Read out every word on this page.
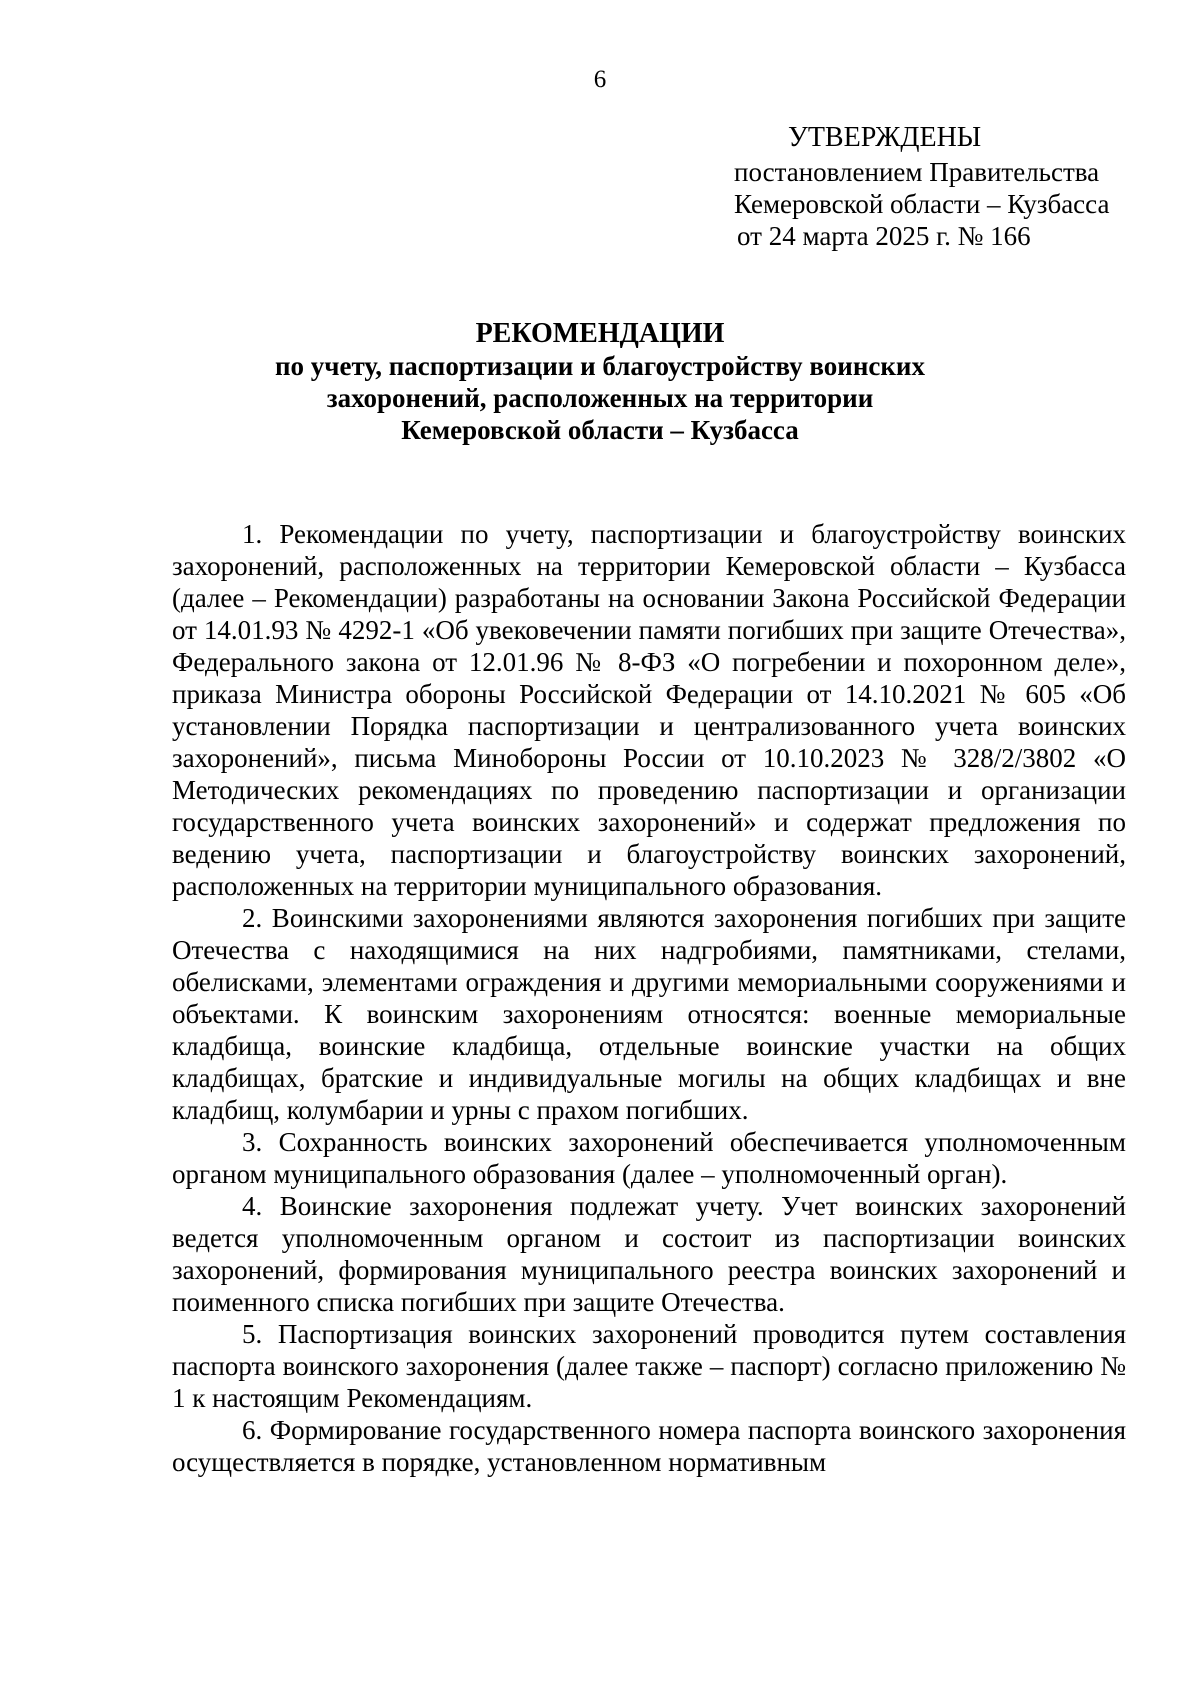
6
УТВЕРЖДЕНЫ
постановлением Правительства
Кемеровской области – Кузбасса
от 24 марта 2025 г. № 166
РЕКОМЕНДАЦИИ
по учету, паспортизации и благоустройству воинских
захоронений, расположенных на территории
Кемеровской области – Кузбасса

1. Рекомендации по учету, паспортизации и благоустройству воинских захоронений, расположенных на территории Кемеровской области – Кузбасса (далее – Рекомендации) разработаны на основании Закона Российской Федерации от 14.01.93 № 4292-1 «Об увековечении памяти погибших при защите Отечества», Федерального закона от 12.01.96 № 8-ФЗ «О погребении и похоронном деле», приказа Министра обороны Российской Федерации от 14.10.2021 № 605 «Об установлении Порядка паспортизации и централизованного учета воинских захоронений», письма Минобороны России от 10.10.2023 № 328/2/3802 «О Методических рекомендациях по проведению паспортизации и организации государственного учета воинских захоронений» и содержат предложения по ведению учета, паспортизации и благоустройству воинских захоронений, расположенных на территории муниципального образования.

2. Воинскими захоронениями являются захоронения погибших при защите Отечества с находящимися на них надгробиями, памятниками, стелами, обелисками, элементами ограждения и другими мемориальными сооружениями и объектами. К воинским захоронениям относятся: военные мемориальные кладбища, воинские кладбища, отдельные воинские участки на общих кладбищах, братские и индивидуальные могилы на общих кладбищах и вне кладбищ, колумбарии и урны с прахом погибших.

3. Сохранность воинских захоронений обеспечивается уполномоченным органом муниципального образования (далее – уполномоченный орган).

4. Воинские захоронения подлежат учету. Учет воинских захоронений ведется уполномоченным органом и состоит из паспортизации воинских захоронений, формирования муниципального реестра воинских захоронений и поименного списка погибших при защите Отечества.

5. Паспортизация воинских захоронений проводится путем составления паспорта воинского захоронения (далее также – паспорт) согласно приложению № 1 к настоящим Рекомендациям.

6. Формирование государственного номера паспорта воинского захоронения осуществляется в порядке, установленном нормативным
